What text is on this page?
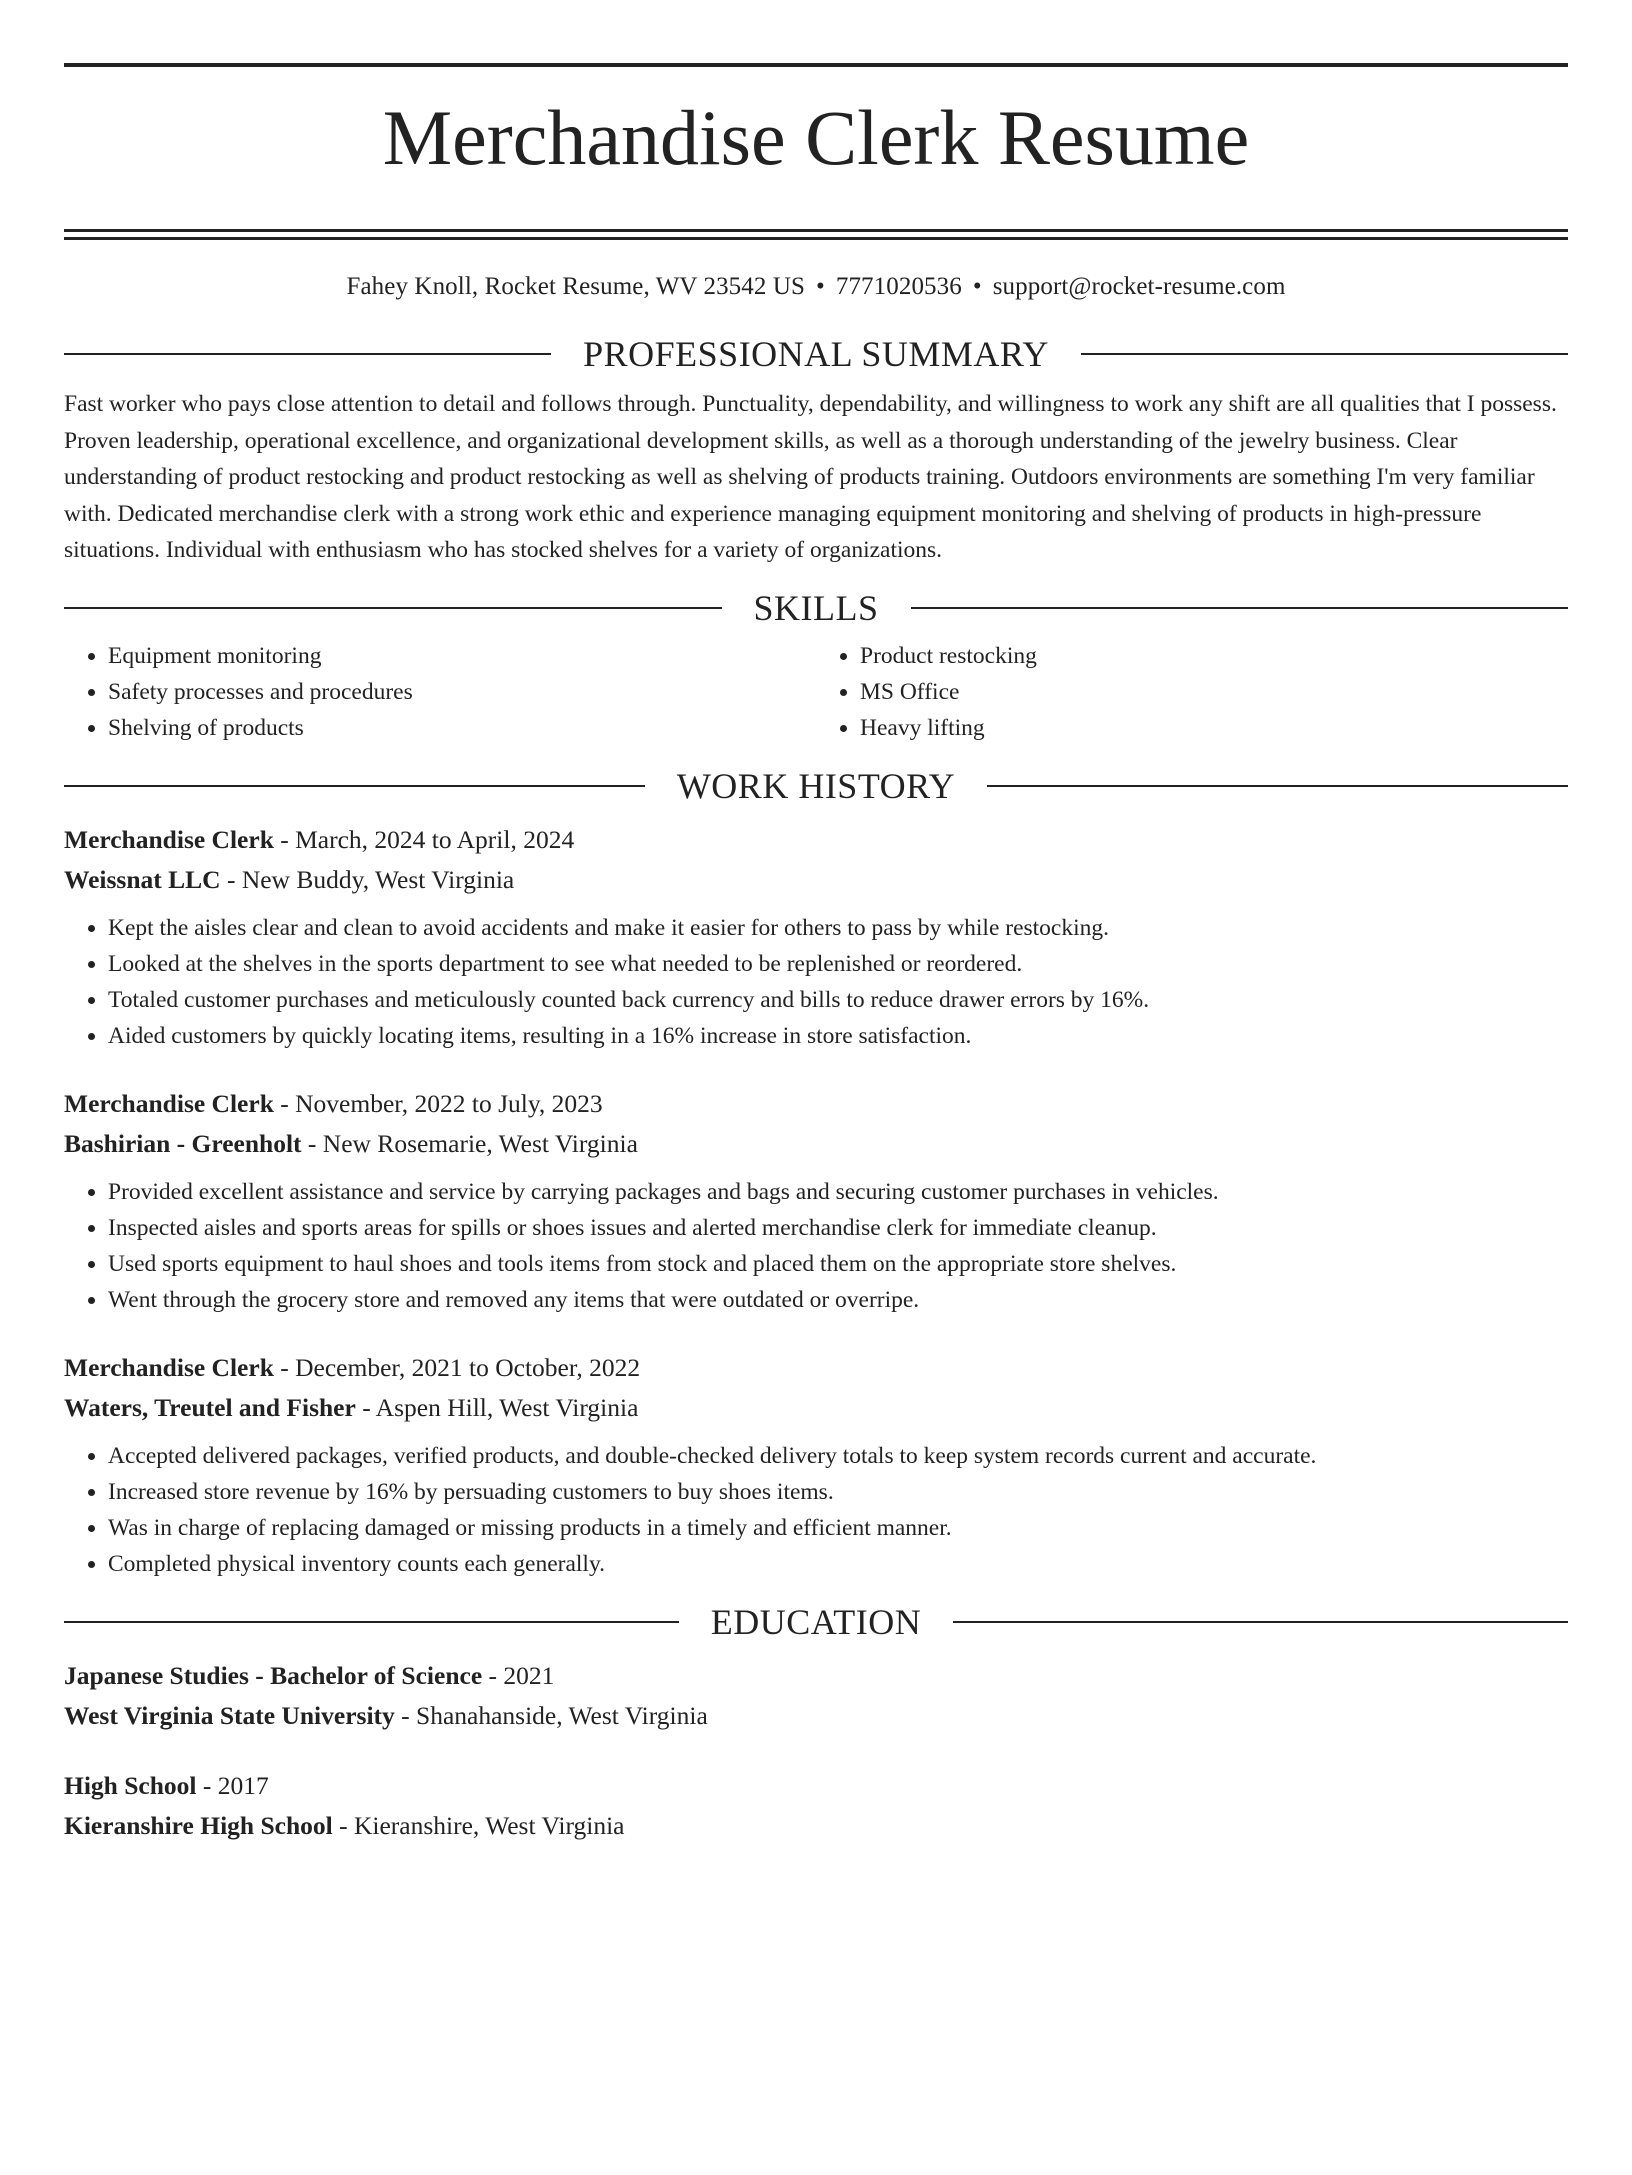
Merchandise Clerk Resume
Fahey Knoll, Rocket Resume, WV 23542 US • 7771020536 • support@rocket-resume.com
PROFESSIONAL SUMMARY

Fast worker who pays close attention to detail and follows through. Punctuality, dependability, and willingness to work any shift are all qualities that I possess. Proven leadership, operational excellence, and organizational development skills, as well as a thorough understanding of the jewelry business. Clear understanding of product restocking and product restocking as well as shelving of products training. Outdoors environments are something I'm very familiar with. Dedicated merchandise clerk with a strong work ethic and experience managing equipment monitoring and shelving of products in high-pressure situations. Individual with enthusiasm who has stocked shelves for a variety of organizations.

SKILLS
• Equipment monitoring
• Safety processes and procedures
• Shelving of products
• Product restocking
• MS Office
• Heavy lifting
WORK HISTORY
Merchandise Clerk - March, 2024 to April, 2024
Weissnat LLC - New Buddy, West Virginia
• Kept the aisles clear and clean to avoid accidents and make it easier for others to pass by while restocking.
• Looked at the shelves in the sports department to see what needed to be replenished or reordered.
• Totaled customer purchases and meticulously counted back currency and bills to reduce drawer errors by 16%.
• Aided customers by quickly locating items, resulting in a 16% increase in store satisfaction.
Merchandise Clerk - November, 2022 to July, 2023
Bashirian - Greenholt - New Rosemarie, West Virginia
• Provided excellent assistance and service by carrying packages and bags and securing customer purchases in vehicles.
• Inspected aisles and sports areas for spills or shoes issues and alerted merchandise clerk for immediate cleanup.
• Used sports equipment to haul shoes and tools items from stock and placed them on the appropriate store shelves.
• Went through the grocery store and removed any items that were outdated or overripe.
Merchandise Clerk - December, 2021 to October, 2022
Waters, Treutel and Fisher - Aspen Hill, West Virginia
• Accepted delivered packages, verified products, and double-checked delivery totals to keep system records current and accurate.
• Increased store revenue by 16% by persuading customers to buy shoes items.
• Was in charge of replacing damaged or missing products in a timely and efficient manner.
• Completed physical inventory counts each generally.
EDUCATION
Japanese Studies - Bachelor of Science - 2021
West Virginia State University - Shanahanside, West Virginia
High School - 2017
Kieranshire High School - Kieranshire, West Virginia
